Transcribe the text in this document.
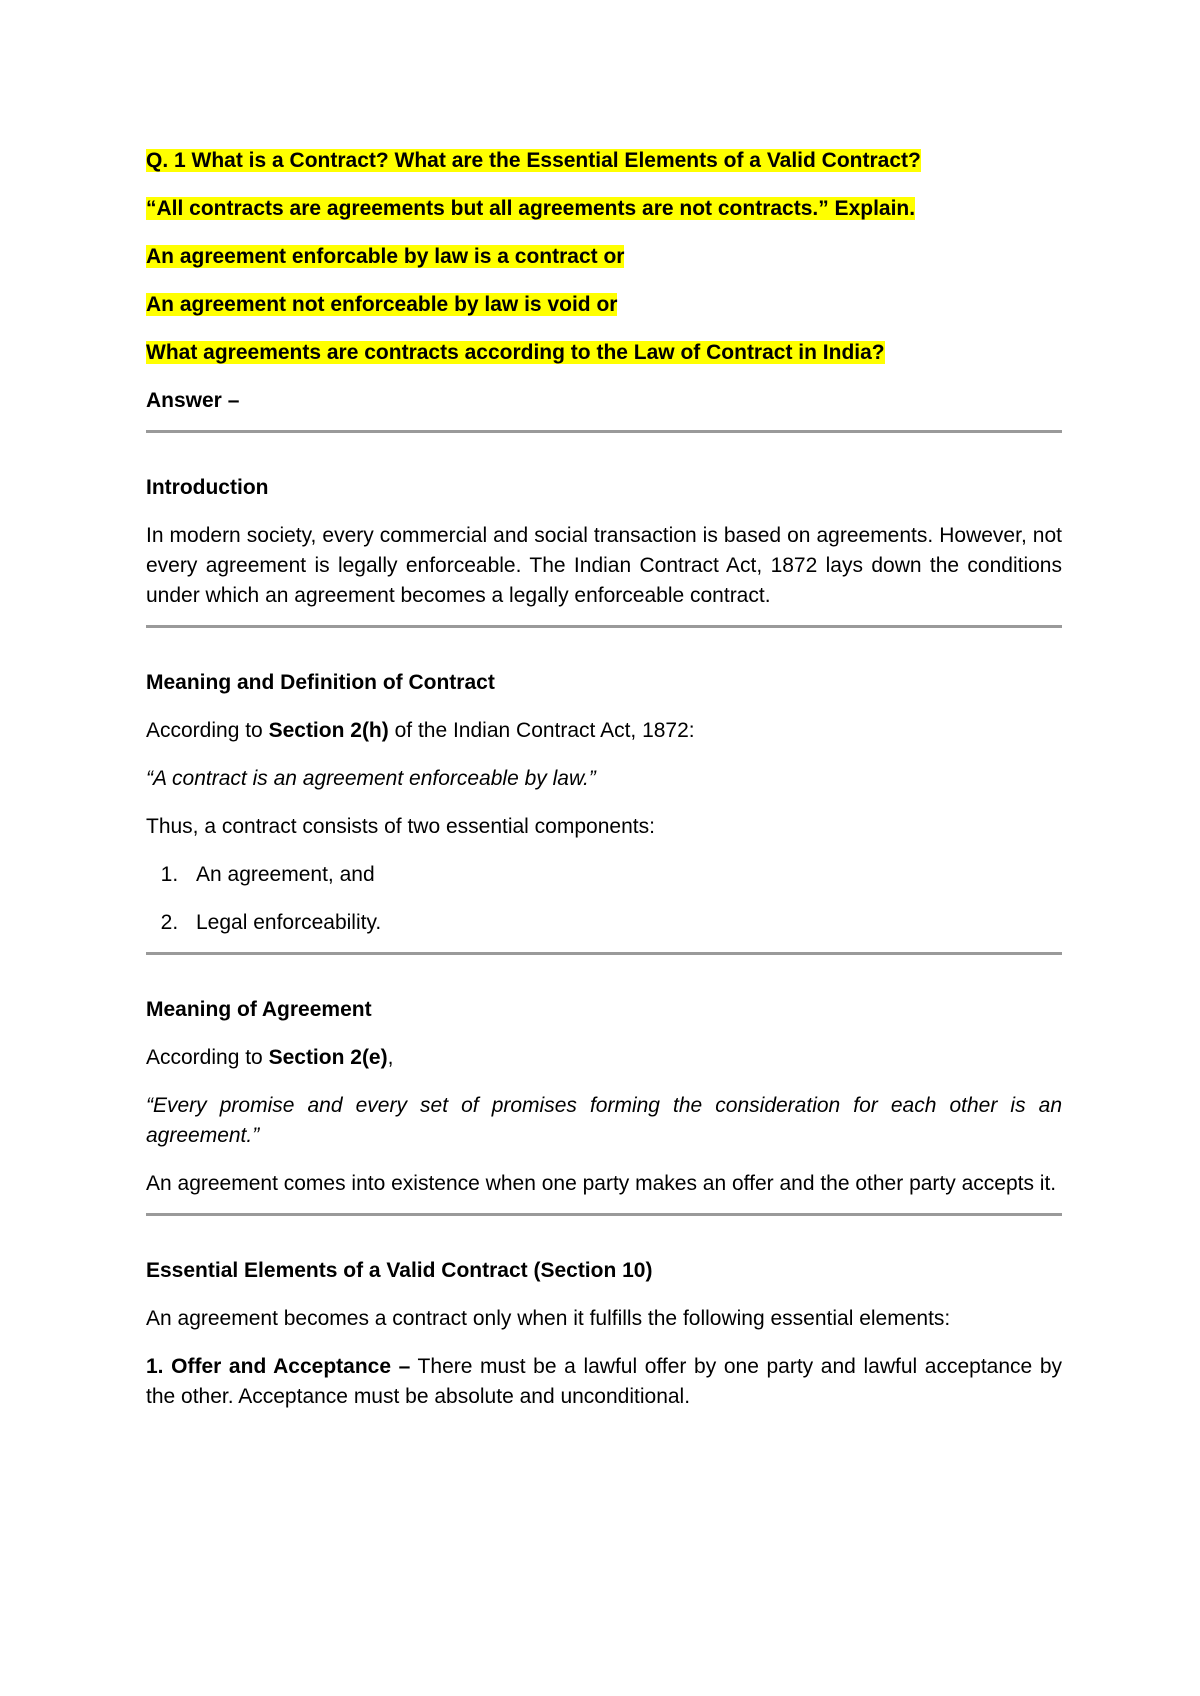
Q. 1 What is a Contract? What are the Essential Elements of a Valid Contract?
“All contracts are agreements but all agreements are not contracts.” Explain.
An agreement enforcable by law is a contract or
An agreement not enforceable by law is void or
What agreements are contracts according to the Law of Contract in India?
Answer –
Introduction
In modern society, every commercial and social transaction is based on agreements. However, not every agreement is legally enforceable. The Indian Contract Act, 1872 lays down the conditions under which an agreement becomes a legally enforceable contract.
Meaning and Definition of Contract
According to Section 2(h) of the Indian Contract Act, 1872:
“A contract is an agreement enforceable by law.”
Thus, a contract consists of two essential components:
1. An agreement, and
2. Legal enforceability.
Meaning of Agreement
According to Section 2(e),
“Every promise and every set of promises forming the consideration for each other is an agreement.”
An agreement comes into existence when one party makes an offer and the other party accepts it.
Essential Elements of a Valid Contract (Section 10)
An agreement becomes a contract only when it fulfills the following essential elements:
1. Offer and Acceptance – There must be a lawful offer by one party and lawful acceptance by the other. Acceptance must be absolute and unconditional.
